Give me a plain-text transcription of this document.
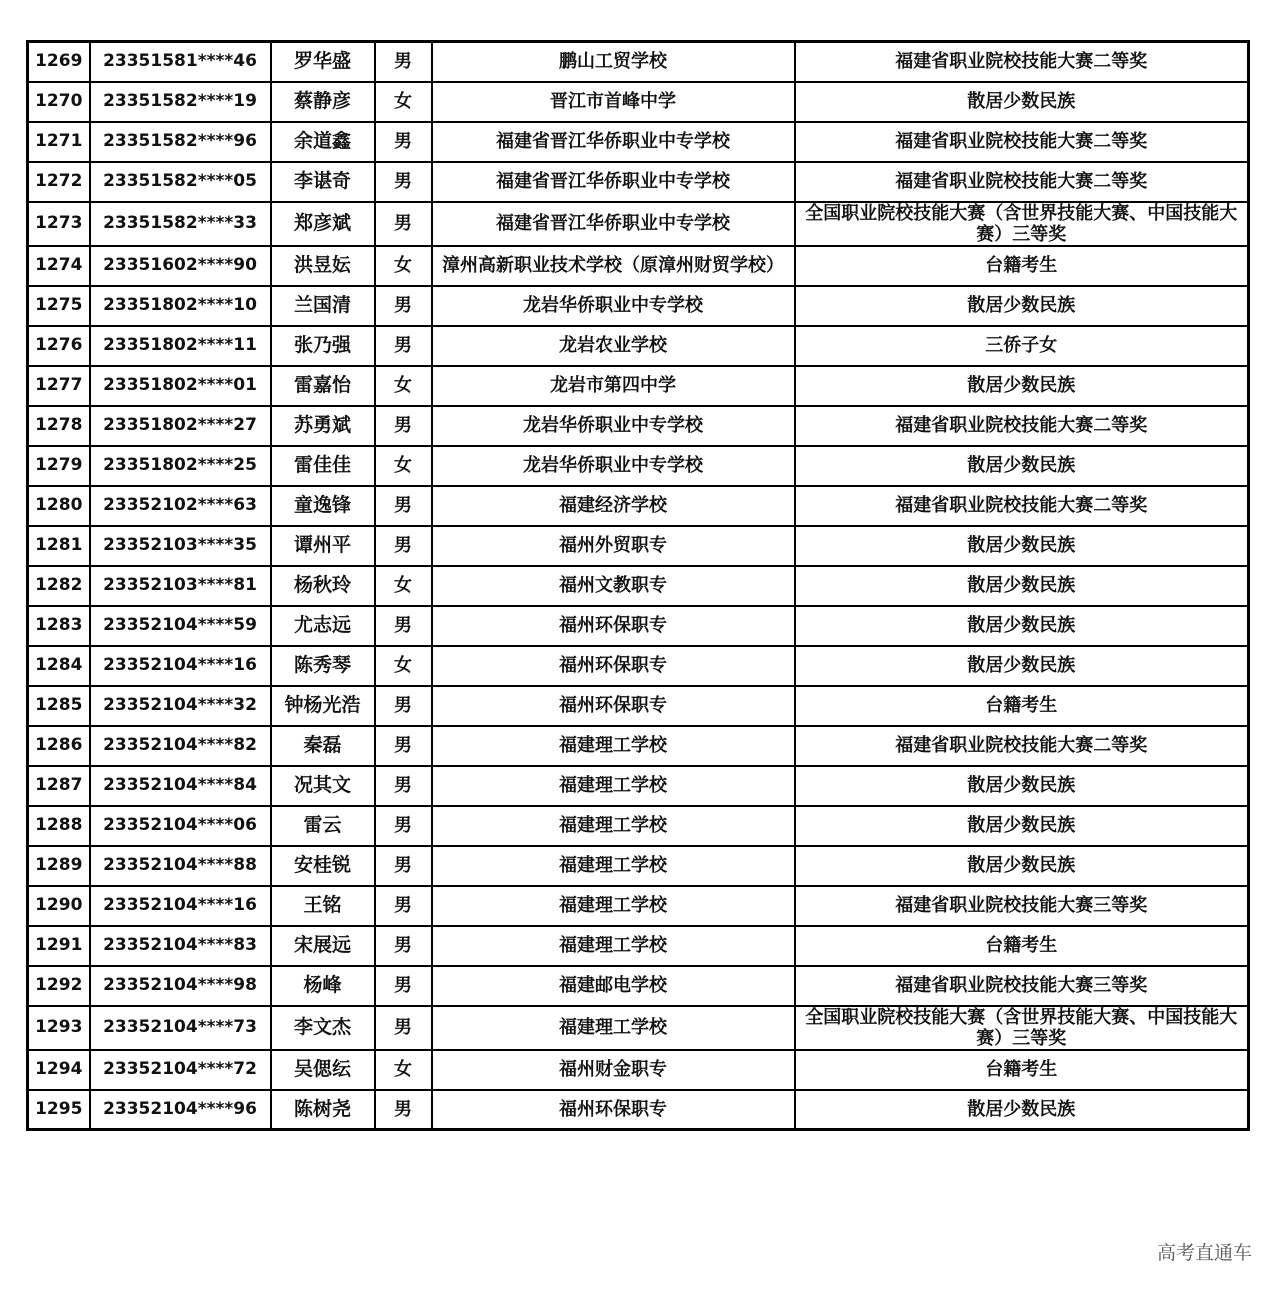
1269	23351581****46	罗华盛	男	鹏山工贸学校	福建省职业院校技能大赛二等奖
1270	23351582****19	蔡静彦	女	晋江市首峰中学	散居少数民族
1271	23351582****96	余道鑫	男	福建省晋江华侨职业中专学校	福建省职业院校技能大赛二等奖
1272	23351582****05	李谌奇	男	福建省晋江华侨职业中专学校	福建省职业院校技能大赛二等奖
1273	23351582****33	郑彦斌	男	福建省晋江华侨职业中专学校	全国职业院校技能大赛（含世界技能大赛、中国技能大赛）三等奖
1274	23351602****90	洪昱妘	女	漳州高新职业技术学校（原漳州财贸学校）	台籍考生
1275	23351802****10	兰国清	男	龙岩华侨职业中专学校	散居少数民族
1276	23351802****11	张乃强	男	龙岩农业学校	三侨子女
1277	23351802****01	雷嘉怡	女	龙岩市第四中学	散居少数民族
1278	23351802****27	苏勇斌	男	龙岩华侨职业中专学校	福建省职业院校技能大赛二等奖
1279	23351802****25	雷佳佳	女	龙岩华侨职业中专学校	散居少数民族
1280	23352102****63	童逸锋	男	福建经济学校	福建省职业院校技能大赛二等奖
1281	23352103****35	谭州平	男	福州外贸职专	散居少数民族
1282	23352103****81	杨秋玲	女	福州文教职专	散居少数民族
1283	23352104****59	尤志远	男	福州环保职专	散居少数民族
1284	23352104****16	陈秀琴	女	福州环保职专	散居少数民族
1285	23352104****32	钟杨光浩	男	福州环保职专	台籍考生
1286	23352104****82	秦磊	男	福建理工学校	福建省职业院校技能大赛二等奖
1287	23352104****84	况其文	男	福建理工学校	散居少数民族
1288	23352104****06	雷云	男	福建理工学校	散居少数民族
1289	23352104****88	安桂锐	男	福建理工学校	散居少数民族
1290	23352104****16	王铭	男	福建理工学校	福建省职业院校技能大赛三等奖
1291	23352104****83	宋展远	男	福建理工学校	台籍考生
1292	23352104****98	杨峰	男	福建邮电学校	福建省职业院校技能大赛三等奖
1293	23352104****73	李文杰	男	福建理工学校	全国职业院校技能大赛（含世界技能大赛、中国技能大赛）三等奖
1294	23352104****72	吴偲纭	女	福州财金职专	台籍考生
1295	23352104****96	陈树尧	男	福州环保职专	散居少数民族
高考直通车
